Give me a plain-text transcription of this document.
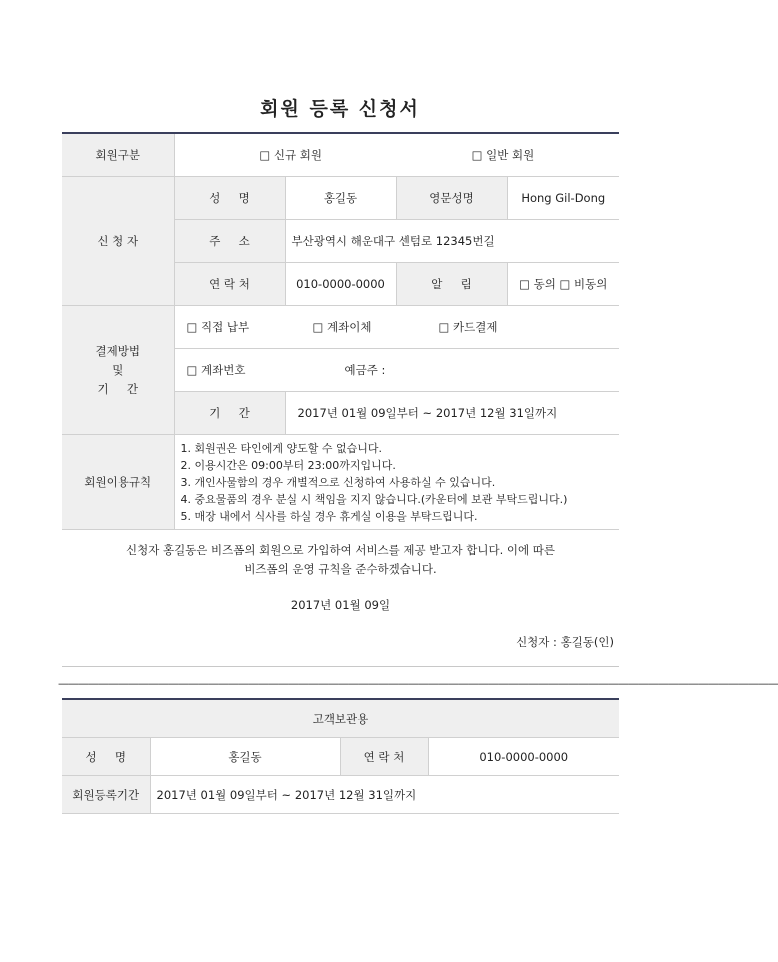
회원 등록 신청서
회원구분	□ 신규 회원 □ 일반 회원			

신 청 자	성     명	홍길동	영문성명	Hong Gil-Dong
	주     소	부산광역시 해운대구 센텀로 12345번길		
	연 락 처	010-0000-0000	알     림	□ 동의 □ 비동의

결제방법
및
기     간	□ 직접 납부 □ 계좌이체 □ 카드결제			
	□ 계좌번호 예금주 :			
	기     간	2017년 01월 09일부터 ~ 2017년 12월 31일까지		
회원이용규칙	1. 회원권은 타인에게 양도할 수 없습니다.
2. 이용시간은 09:00부터 23:00까지입니다.
3. 개인사물함의 경우 개별적으로 신청하여 사용하실 수 있습니다.
4. 중요물품의 경우 분실 시 책임을 지지 않습니다.(카운터에 보관 부탁드립니다.)
5. 매장 내에서 식사를 하실 경우 휴게실 이용을 부탁드립니다.			
신청자 홍길동은 비즈폼의 회원으로 가입하여 서비스를 제공 받고자 합니다. 이에 따른
비즈폼의 운영 규칙을 준수하겠습니다.
2017년 01월 09일
신청자 : 홍길동(인)
————————————————————————————————————————————————————————————————————————
고객보관용			
성     명	홍길동	연 락 처	010-0000-0000
회원등록기간	2017년 01월 09일부터 ~ 2017년 12월 31일까지		
